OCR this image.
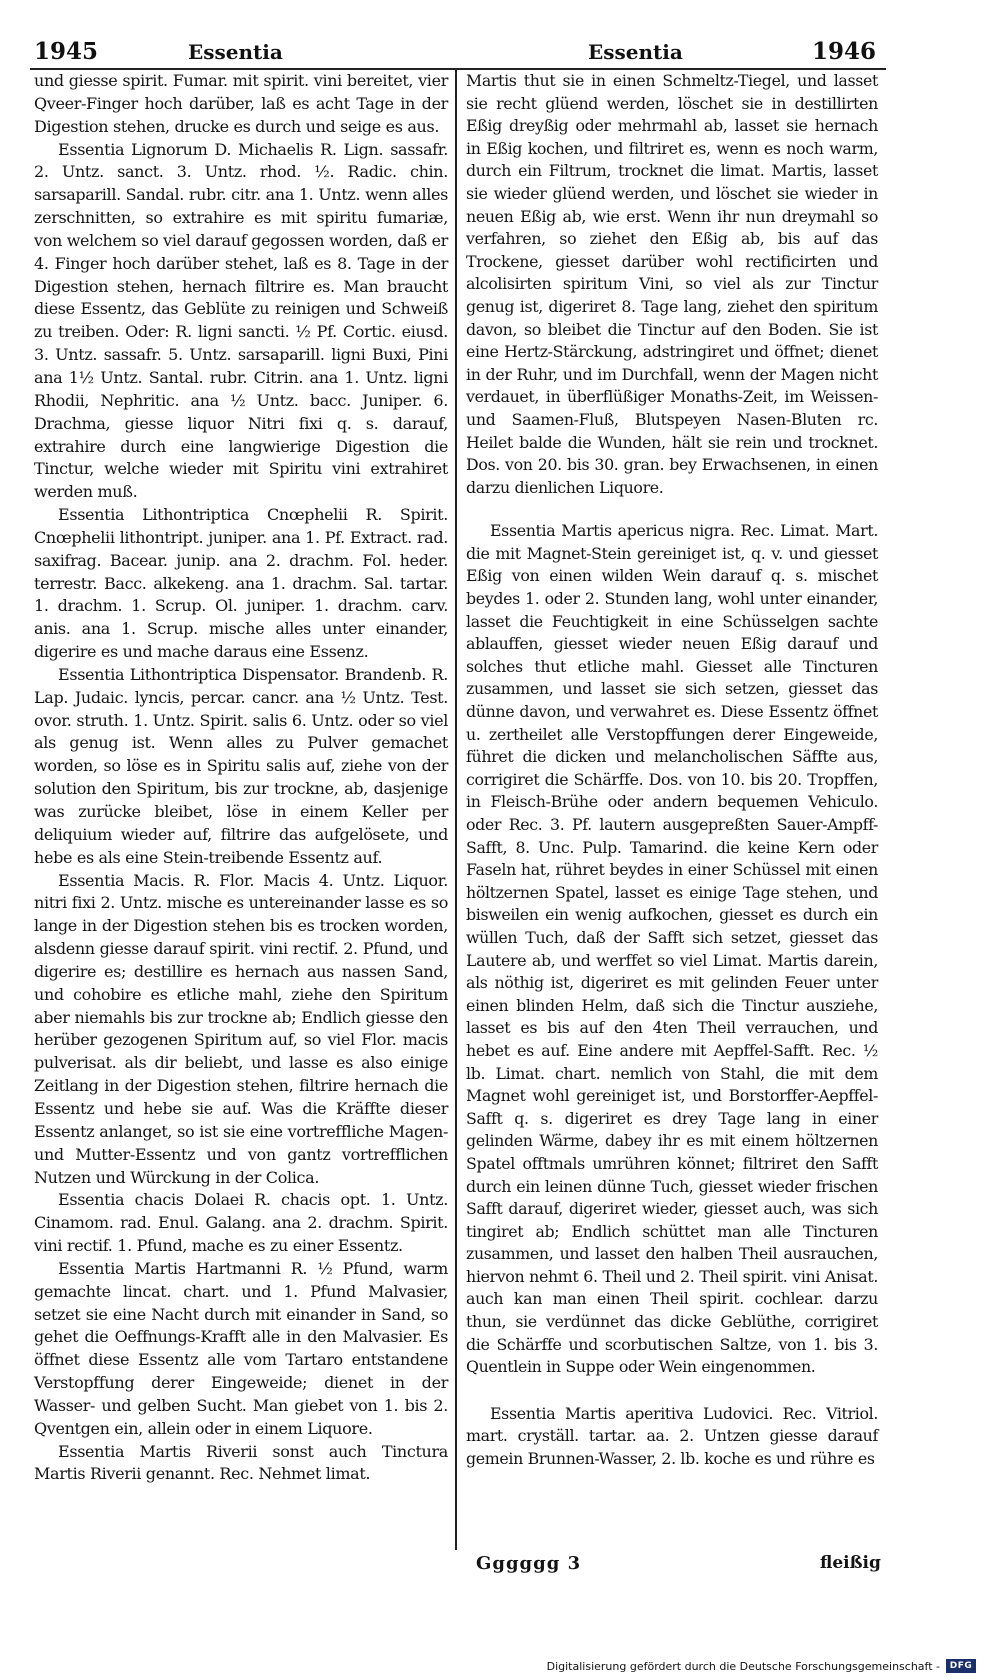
1945	Essentia	Essentia	1946

und giesse spirit. Fumar. mit spirit. vini bereitet, vier Qveer-Finger hoch darüber, laß es acht Tage in der Digestion stehen, drucke es durch und seige es aus.

Essentia Lignorum D. Michaelis R. Lign. sassafr. 2. Untz. sanct. 3. Untz. rhod. ½. Radic. chin. sarsaparill. Sandal. rubr. citr. ana 1. Untz. wenn alles zerschnitten, so extrahire es mit spiritu fumariæ, von welchem so viel darauf gegossen worden, daß er 4. Finger hoch darüber stehet, laß es 8. Tage in der Digestion stehen, hernach filtrire es. Man braucht diese Essentz, das Geblüte zu reinigen und Schweiß zu treiben. Oder: R. ligni sancti. ½ Pf. Cortic. eiusd. 3. Untz. sassafr. 5. Untz. sarsaparill. ligni Buxi, Pini ana 1½ Untz. Santal. rubr. Citrin. ana 1. Untz. ligni Rhodii, Nephritic. ana ½ Untz. bacc. Juniper. 6. Drachma, giesse liquor Nitri fixi q. s. darauf, extrahire durch eine langwierige Digestion die Tinctur, welche wieder mit Spiritu vini extrahiret werden muß.

Essentia Lithontriptica Cnœphelii R. Spirit. Cnœphelii lithontript. juniper. ana 1. Pf. Extract. rad. saxifrag. Bacear. junip. ana 2. drachm. Fol. heder. terrestr. Bacc. alkekeng. ana 1. drachm. Sal. tartar. 1. drachm. 1. Scrup. Ol. juniper. 1. drachm. carv. anis. ana 1. Scrup. mische alles unter einander, digerire es und mache daraus eine Essenz.

Essentia Lithontriptica Dispensator. Brandenb. R. Lap. Judaic. lyncis, percar. cancr. ana ½ Untz. Test. ovor. struth. 1. Untz. Spirit. salis 6. Untz. oder so viel als genug ist. Wenn alles zu Pulver gemachet worden, so löse es in Spiritu salis auf, ziehe von der solution den Spiritum, bis zur trockne, ab, dasjenige was zurücke bleibet, löse in einem Keller per deliquium wieder auf, filtrire das aufgelösete, und hebe es als eine Stein-treibende Essentz auf.

Essentia Macis. R. Flor. Macis 4. Untz. Liquor. nitri fixi 2. Untz. mische es untereinander lasse es so lange in der Digestion stehen bis es trocken worden, alsdenn giesse darauf spirit. vini rectif. 2. Pfund, und digerire es; destillire es hernach aus nassen Sand, und cohobire es etliche mahl, ziehe den Spiritum aber niemahls bis zur trockne ab; Endlich giesse den herüber gezogenen Spiritum auf, so viel Flor. macis pulverisat. als dir beliebt, und lasse es also einige Zeitlang in der Digestion stehen, filtrire hernach die Essentz und hebe sie auf. Was die Kräffte dieser Essentz anlanget, so ist sie eine vortreffliche Magen- und Mutter-Essentz und von gantz vortrefflichen Nutzen und Würckung in der Colica.

Essentia chacis Dolaei R. chacis opt. 1. Untz. Cinamom. rad. Enul. Galang. ana 2. drachm. Spirit. vini rectif. 1. Pfund, mache es zu einer Essentz.

Essentia Martis Hartmanni R. ½ Pfund, warm gemachte lincat. chart. und 1. Pfund Malvasier, setzet sie eine Nacht durch mit einander in Sand, so gehet die Oeffnungs-Krafft alle in den Malvasier. Es öffnet diese Essentz alle vom Tartaro entstandene Verstopffung derer Eingeweide; dienet in der Wasser- und gelben Sucht. Man giebet von 1. bis 2. Qventgen ein, allein oder in einem Liquore.

Essentia Martis Riverii sonst auch Tinctura Martis Riverii genannt. Rec. Nehmet limat.

Martis thut sie in einen Schmeltz-Tiegel, und lasset sie recht glüend werden, löschet sie in destillirten Eßig dreyßig oder mehrmahl ab, lasset sie hernach in Eßig kochen, und filtriret es, wenn es noch warm, durch ein Filtrum, trocknet die limat. Martis, lasset sie wieder glüend werden, und löschet sie wieder in neuen Eßig ab, wie erst. Wenn ihr nun dreymahl so verfahren, so ziehet den Eßig ab, bis auf das Trockene, giesset darüber wohl rectificirten und alcolisirten spiritum Vini, so viel als zur Tinctur genug ist, digeriret 8. Tage lang, ziehet den spiritum davon, so bleibet die Tinctur auf den Boden. Sie ist eine Hertz-Stärckung, adstringiret und öffnet; dienet in der Ruhr, und im Durchfall, wenn der Magen nicht verdauet, in überflüßiger Monaths-Zeit, im Weissen- und Saamen-Fluß, Blutspeyen Nasen-Bluten rc. Heilet balde die Wunden, hält sie rein und trocknet. Dos. von 20. bis 30. gran. bey Erwachsenen, in einen darzu dienlichen Liquore.

Essentia Martis apericus nigra. Rec. Limat. Mart. die mit Magnet-Stein gereiniget ist, q. v. und giesset Eßig von einen wilden Wein darauf q. s. mischet beydes 1. oder 2. Stunden lang, wohl unter einander, lasset die Feuchtigkeit in eine Schüsselgen sachte ablauffen, giesset wieder neuen Eßig darauf und solches thut etliche mahl. Giesset alle Tincturen zusammen, und lasset sie sich setzen, giesset das dünne davon, und verwahret es. Diese Essentz öffnet u. zertheilet alle Verstopffungen derer Eingeweide, führet die dicken und melancholischen Säffte aus, corrigiret die Schärffe. Dos. von 10. bis 20. Tropffen, in Fleisch-Brühe oder andern bequemen Vehiculo. oder Rec. 3. Pf. lautern ausgepreßten Sauer-Ampff-Safft, 8. Unc. Pulp. Tamarind. die keine Kern oder Faseln hat, rühret beydes in einer Schüssel mit einen höltzernen Spatel, lasset es einige Tage stehen, und bisweilen ein wenig aufkochen, giesset es durch ein wüllen Tuch, daß der Safft sich setzet, giesset das Lautere ab, und werffet so viel Limat. Martis darein, als nöthig ist, digeriret es mit gelinden Feuer unter einen blinden Helm, daß sich die Tinctur ausziehe, lasset es bis auf den 4ten Theil verrauchen, und hebet es auf. Eine andere mit Aepffel-Safft. Rec. ½ lb. Limat. chart. nemlich von Stahl, die mit dem Magnet wohl gereiniget ist, und Borstorffer-Aepffel-Safft q. s. digeriret es drey Tage lang in einer gelinden Wärme, dabey ihr es mit einem höltzernen Spatel offtmals umrühren könnet; filtriret den Safft durch ein leinen dünne Tuch, giesset wieder frischen Safft darauf, digeriret wieder, giesset auch, was sich tingiret ab; Endlich schüttet man alle Tincturen zusammen, und lasset den halben Theil ausrauchen, hiervon nehmt 6. Theil und 2. Theil spirit. vini Anisat. auch kan man einen Theil spirit. cochlear. darzu thun, sie verdünnet das dicke Geblüthe, corrigiret die Schärffe und scorbutischen Saltze, von 1. bis 3. Quentlein in Suppe oder Wein eingenommen.

Essentia Martis aperitiva Ludovici. Rec. Vitriol. mart. cryställ. tartar. aa. 2. Untzen giesse darauf gemein Brunnen-Wasser, 2. lb. koche es und rühre es

Gggggg 3	fleißig
Digitalisierung gefördert durch die Deutsche Forschungsgemeinschaft -	DFG
